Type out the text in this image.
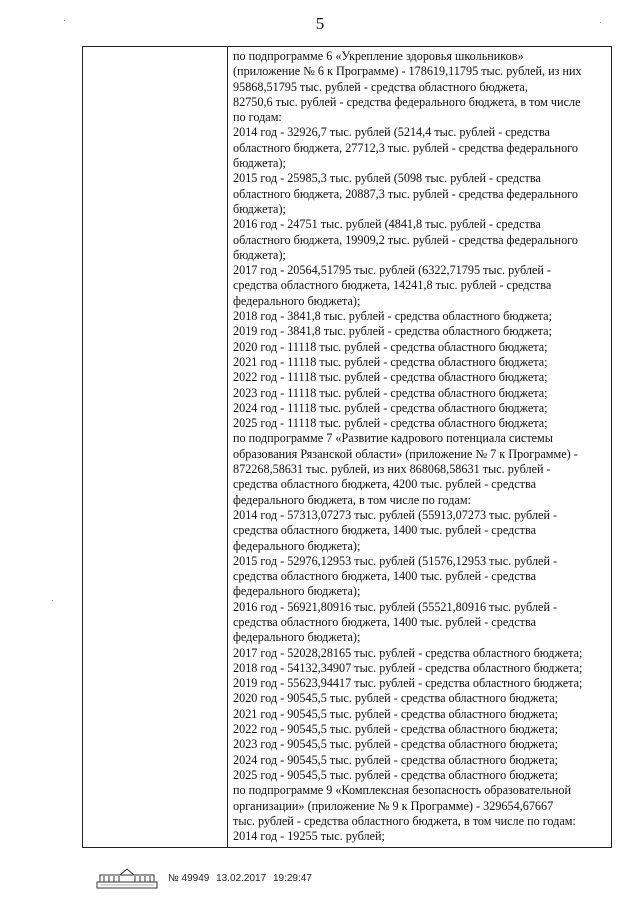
5
по подпрограмме 6 «Укрепление здоровья школьников»
(приложение № 6 к Программе) - 178619,11795 тыс. рублей, из них
95868,51795 тыс. рублей - средства областного бюджета,
82750,6 тыс. рублей - средства федерального бюджета, в том числе
по годам:
2014 год - 32926,7 тыс. рублей (5214,4 тыс. рублей - средства
областного бюджета, 27712,3 тыс. рублей - средства федерального
бюджета);
2015 год - 25985,3 тыс. рублей (5098 тыс. рублей - средства
областного бюджета, 20887,3 тыс. рублей - средства федерального
бюджета);
2016 год - 24751 тыс. рублей (4841,8 тыс. рублей - средства
областного бюджета, 19909,2 тыс. рублей - средства федерального
бюджета);
2017 год - 20564,51795 тыс. рублей (6322,71795 тыс. рублей -
средства областного бюджета, 14241,8 тыс. рублей - средства
федерального бюджета);
2018 год - 3841,8 тыс. рублей - средства областного бюджета;
2019 год - 3841,8 тыс. рублей - средства областного бюджета;
2020 год - 11118 тыс. рублей - средства областного бюджета;
2021 год - 11118 тыс. рублей - средства областного бюджета;
2022 год - 11118 тыс. рублей - средства областного бюджета;
2023 год - 11118 тыс. рублей - средства областного бюджета;
2024 год - 11118 тыс. рублей - средства областного бюджета;
2025 год - 11118 тыс. рублей - средства областного бюджета;
по подпрограмме 7 «Развитие кадрового потенциала системы
образования Рязанской области» (приложение № 7 к Программе) -
872268,58631 тыс. рублей, из них 868068,58631 тыс. рублей -
средства областного бюджета, 4200 тыс. рублей - средства
федерального бюджета, в том числе по годам:
2014 год - 57313,07273 тыс. рублей (55913,07273 тыс. рублей -
средства областного бюджета, 1400 тыс. рублей - средства
федерального бюджета);
2015 год - 52976,12953 тыс. рублей (51576,12953 тыс. рублей -
средства областного бюджета, 1400 тыс. рублей - средства
федерального бюджета);
2016 год - 56921,80916 тыс. рублей (55521,80916 тыс. рублей -
средства областного бюджета, 1400 тыс. рублей - средства
федерального бюджета);
2017 год - 52028,28165 тыс. рублей - средства областного бюджета;
2018 год - 54132,34907 тыс. рублей - средства областного бюджета;
2019 год - 55623,94417 тыс. рублей - средства областного бюджета;
2020 год - 90545,5 тыс. рублей - средства областного бюджета;
2021 год - 90545,5 тыс. рублей - средства областного бюджета;
2022 год - 90545,5 тыс. рублей - средства областного бюджета;
2023 год - 90545,5 тыс. рублей - средства областного бюджета;
2024 год - 90545,5 тыс. рублей - средства областного бюджета;
2025 год - 90545,5 тыс. рублей - средства областного бюджета;
по подпрограмме 9 «Комплексная безопасность образовательной
организации» (приложение № 9 к Программе) - 329654,67667
тыс. рублей - средства областного бюджета, в том числе по годам:
2014 год - 19255 тыс. рублей;
№ 49949 13.02.2017 19:29:47
